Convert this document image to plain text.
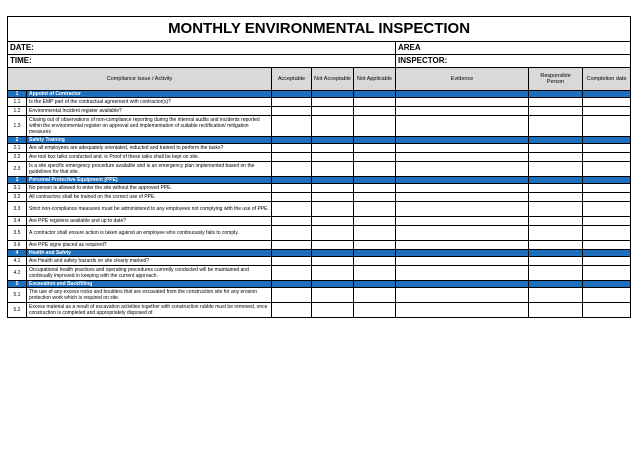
MONTHLY ENVIRONMENTAL INSPECTION							
DATE:					AREA		
TIME:					INSPECTOR:		
Compliance Issue / Activity		Acceptable	Not Acceptable	Not Applicable	Evidence	Responsible Person	Completion date
1	Appoint of Contractor						
1.1	Is the EMP part of the contractual agreement with contractor(s)?						
1.2	Environmental Incident register available?						
1.3	Closing out of observations of non-compliance reporting during the internal audits and incidents reported within the environmental register on approval and implementation of suitable rectification/ mitigation measures						
2	Safety Training						
2.1	Are all employees are adequately orientated, inducted and trained to perform the tasks?						
2.2	Are tool box talks conducted and. is Proof of these talks shall be kept on site.						
2.3	Is a site specific emergency procedure available and is an emergency plan implemented based on the guidelines for that site.						
3	Personal Protective Equipment (PPE)						
3.1	No person is allowed to enter the site without the approved PPE.						
3.2	All contractors shall be trained on the correct use of PPE.						
3.3	Strict non-compliance measures must be administered to any employees not complying with the use of PPE.						
3.4	Are PPE registers available and up to date?						
3.5	A contractor shall ensure action is taken against an employee who continuously fails to comply.						
3.6	Are PPE signs placed as required?						
4	Health and Safety						
4.1	Are Health and safety hazards on site clearly marked?						
4.2	Occupational health practices and operating procedures currently conducted will be maintained and continually improved in keeping with the current approach.						
5	Excavation and Backfilling						
5.1	The use of any excess rocks and boulders that are excavated from the construction site for any erosion protection work which is required on site.						
5.2	Excess material as a result of excavation activities together with construction rubble must be removed, once construction is completed and appropriately disposed of.						
